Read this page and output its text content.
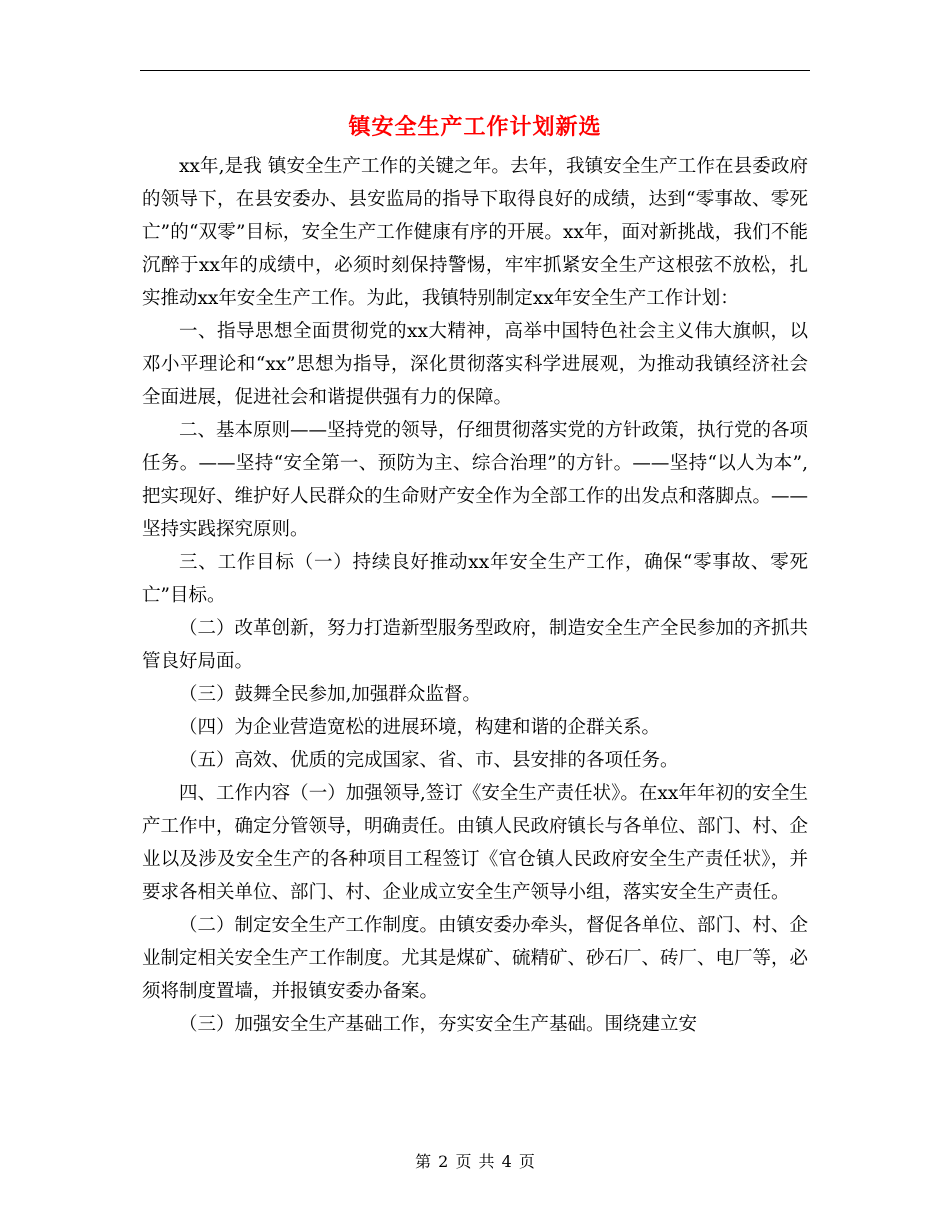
镇安全生产工作计划新选

xx年,是我 镇安全生产工作的关键之年。去年，我镇安全生产工作在县委政府的领导下，在县安委办、县安监局的指导下取得良好的成绩，达到“零事故、零死亡”的“双零”目标，安全生产工作健康有序的开展。xx年，面对新挑战，我们不能沉醉于xx年的成绩中，必须时刻保持警惕，牢牢抓紧安全生产这根弦不放松，扎实推动xx年安全生产工作。为此，我镇特别制定xx年安全生产工作计划：

一、指导思想全面贯彻党的xx大精神，高举中国特色社会主义伟大旗帜，以邓小平理论和“xx”思想为指导，深化贯彻落实科学进展观，为推动我镇经济社会全面进展，促进社会和谐提供强有力的保障。

二、基本原则——坚持党的领导，仔细贯彻落实党的方针政策，执行党的各项任务。——坚持“安全第一、预防为主、综合治理”的方针。——坚持“以人为本”,把实现好、维护好人民群众的生命财产安全作为全部工作的出发点和落脚点。——坚持实践探究原则。

三、工作目标（一）持续良好推动xx年安全生产工作，确保“零事故、零死亡”目标。

（二）改革创新，努力打造新型服务型政府，制造安全生产全民参加的齐抓共管良好局面。

（三）鼓舞全民参加,加强群众监督。

（四）为企业营造宽松的进展环境，构建和谐的企群关系。

（五）高效、优质的完成国家、省、市、县安排的各项任务。

四、工作内容（一）加强领导,签订《安全生产责任状》。在xx年年初的安全生产工作中，确定分管领导，明确责任。由镇人民政府镇长与各单位、部门、村、企业以及涉及安全生产的各种项目工程签订《官仓镇人民政府安全生产责任状》，并要求各相关单位、部门、村、企业成立安全生产领导小组，落实安全生产责任。

（二）制定安全生产工作制度。由镇安委办牵头，督促各单位、部门、村、企业制定相关安全生产工作制度。尤其是煤矿、硫精矿、砂石厂、砖厂、电厂等，必须将制度置墙，并报镇安委办备案。

（三）加强安全生产基础工作，夯实安全生产基础。围绕建立安

第 2 页 共 4 页
